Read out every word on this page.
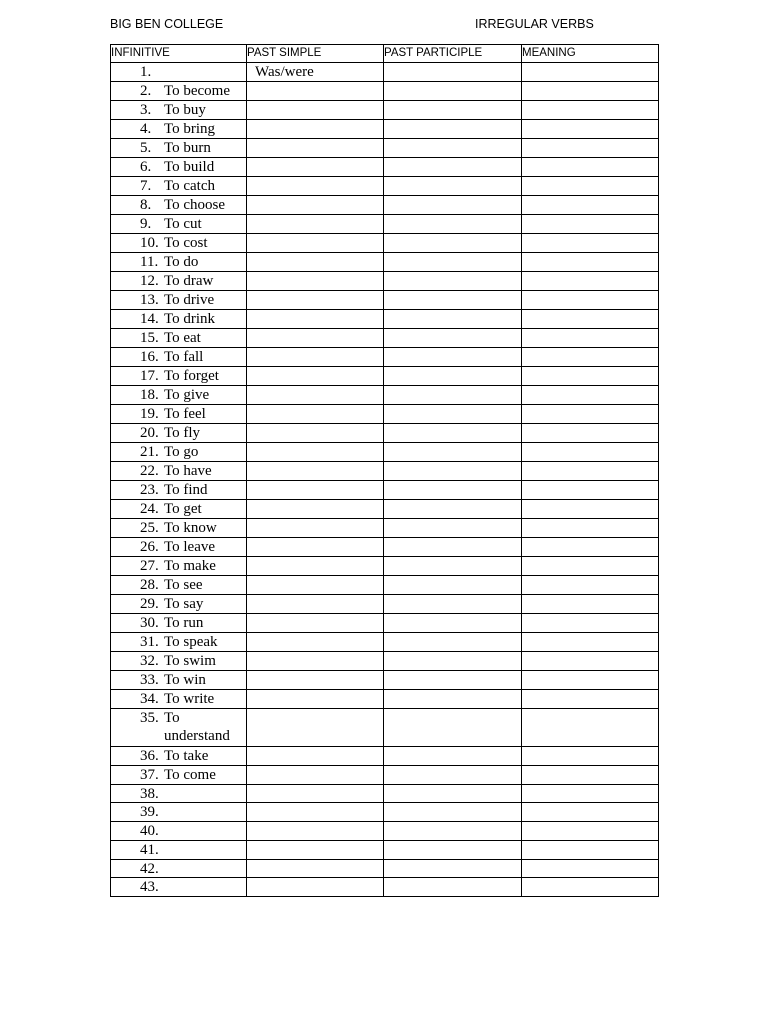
BIG BEN COLLEGE	IRREGULAR VERBS
INFINITIVE	PAST SIMPLE	PAST PARTICIPLE	MEANING

1.	Was/were		

2. To become			

3. To buy			

4. To bring			

5. To burn			

6. To build			

7. To catch			

8. To choose			

9. To cut			

10. To cost			

11. To do			

12. To draw			

13. To drive			

14. To drink			

15. To eat			

16. To fall			

17. To forget			

18. To give			

19. To feel			

20. To fly			

21. To go			

22. To have			

23. To find			

24. To get			

25. To know			

26. To leave			

27. To make			

28. To see			

29. To say			

30. To run			

31. To speak			

32. To swim			

33. To win			

34. To write			

35. To understand			

36. To take			

37. To come			

38.			

39.			

40.			

41.			

42.			

43.			
